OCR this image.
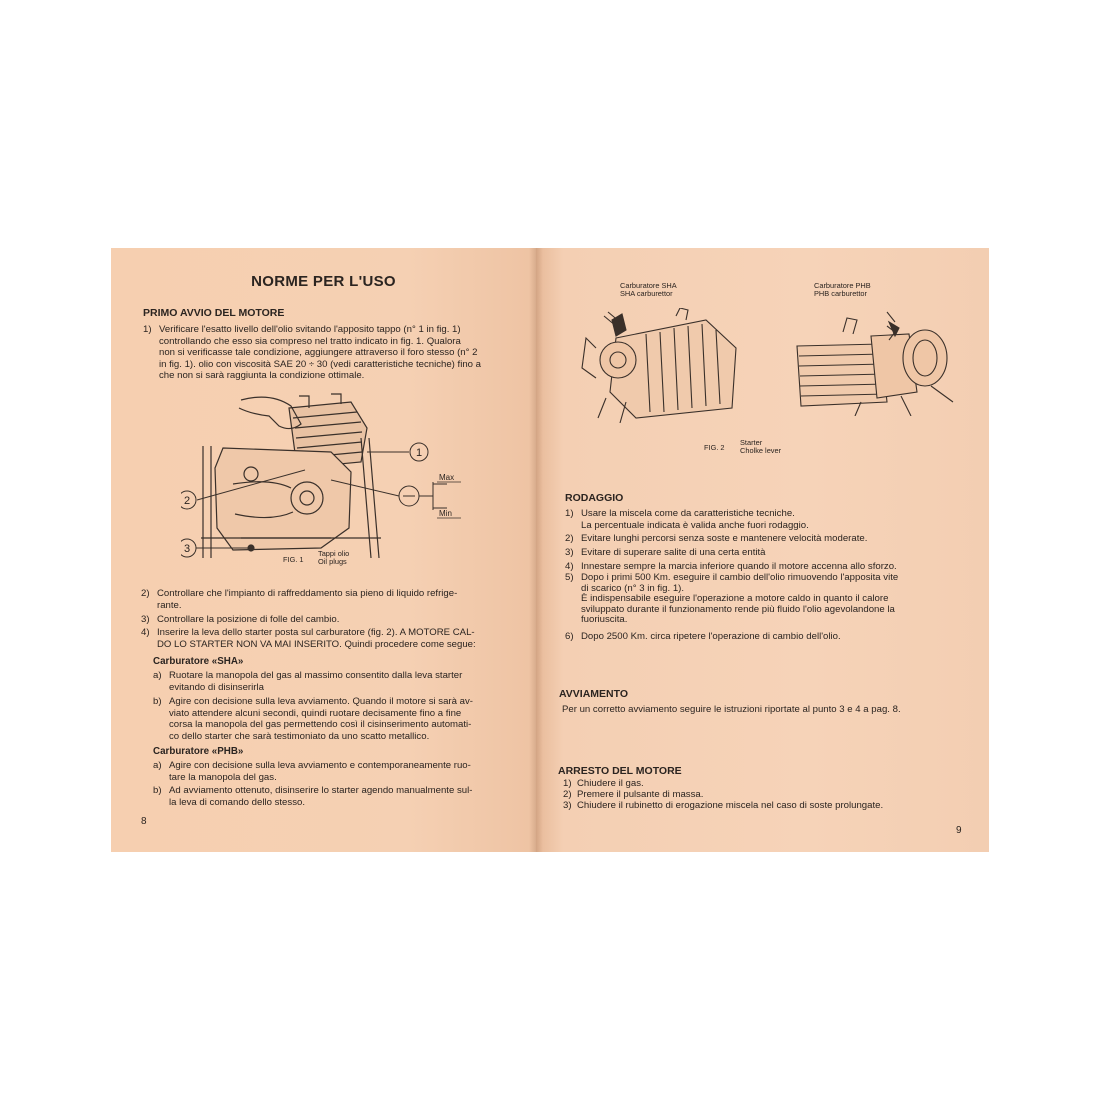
NORME PER L'USO
PRIMO AVVIO DEL MOTORE
1) Verificare l'esatto livello dell'olio svitando l'apposito tappo (n° 1 in fig. 1)
controllando che esso sia compreso nel tratto indicato in fig. 1. Qualora
non si verificasse tale condizione, aggiungere attraverso il foro stesso (n° 2
in fig. 1). olio con viscosità SAE 20 ÷ 30 (vedi caratteristiche tecniche) fino a
che non si sarà raggiunta la condizione ottimale.
1
2
3
Max
Min
FIG. 1
Tappi olio
Oil plugs
2) Controllare che l'impianto di raffreddamento sia pieno di liquido refrige-
rante.
3) Controllare la posizione di folle del cambio.
4) Inserire la leva dello starter posta sul carburatore (fig. 2). A MOTORE CAL-
DO LO STARTER NON VA MAI INSERITO. Quindi procedere come segue:
Carburatore «SHA»
a) Ruotare la manopola del gas al massimo consentito dalla leva starter
evitando di disinserirla
b) Agire con decisione sulla leva avviamento. Quando il motore si sarà av-
viato attendere alcuni secondi, quindi ruotare decisamente fino a fine
corsa la manopola del gas permettendo così il cisinserimento automati-
co dello starter che sarà testimoniato da uno scatto metallico.
Carburatore «PHB»
a) Agire con decisione sulla leva avviamento e contemporaneamente ruo-
tare la manopola del gas.
b) Ad avviamento ottenuto, disinserire lo starter agendo manualmente sul-
la leva di comando dello stesso.
8
Carburatore SHA
SHA carburettor
Carburatore PHB
PHB carburettor
FIG. 2
Starter
Cholke lever
RODAGGIO
1) Usare la miscela come da caratteristiche tecniche.
La percentuale indicata è valida anche fuori rodaggio.
2) Evitare lunghi percorsi senza soste e mantenere velocità moderate.
3) Evitare di superare salite di una certa entità
4) Innestare sempre la marcia inferiore quando il motore accenna allo sforzo.
5) Dopo i primi 500 Km. eseguire il cambio dell'olio rimuovendo l'apposita vite
di scarico (n° 3 in fig. 1).
È indispensabile eseguire l'operazione a motore caldo in quanto il calore
sviluppato durante il funzionamento rende più fluido l'olio agevolandone la
fuoriuscita.
6) Dopo 2500 Km. circa ripetere l'operazione di cambio dell'olio.
AVVIAMENTO
Per un corretto avviamento seguire le istruzioni riportate al punto 3 e 4 a pag. 8.
ARRESTO DEL MOTORE
1) Chiudere il gas.
2) Premere il pulsante di massa.
3) Chiudere il rubinetto di erogazione miscela nel caso di soste prolungate.
9
